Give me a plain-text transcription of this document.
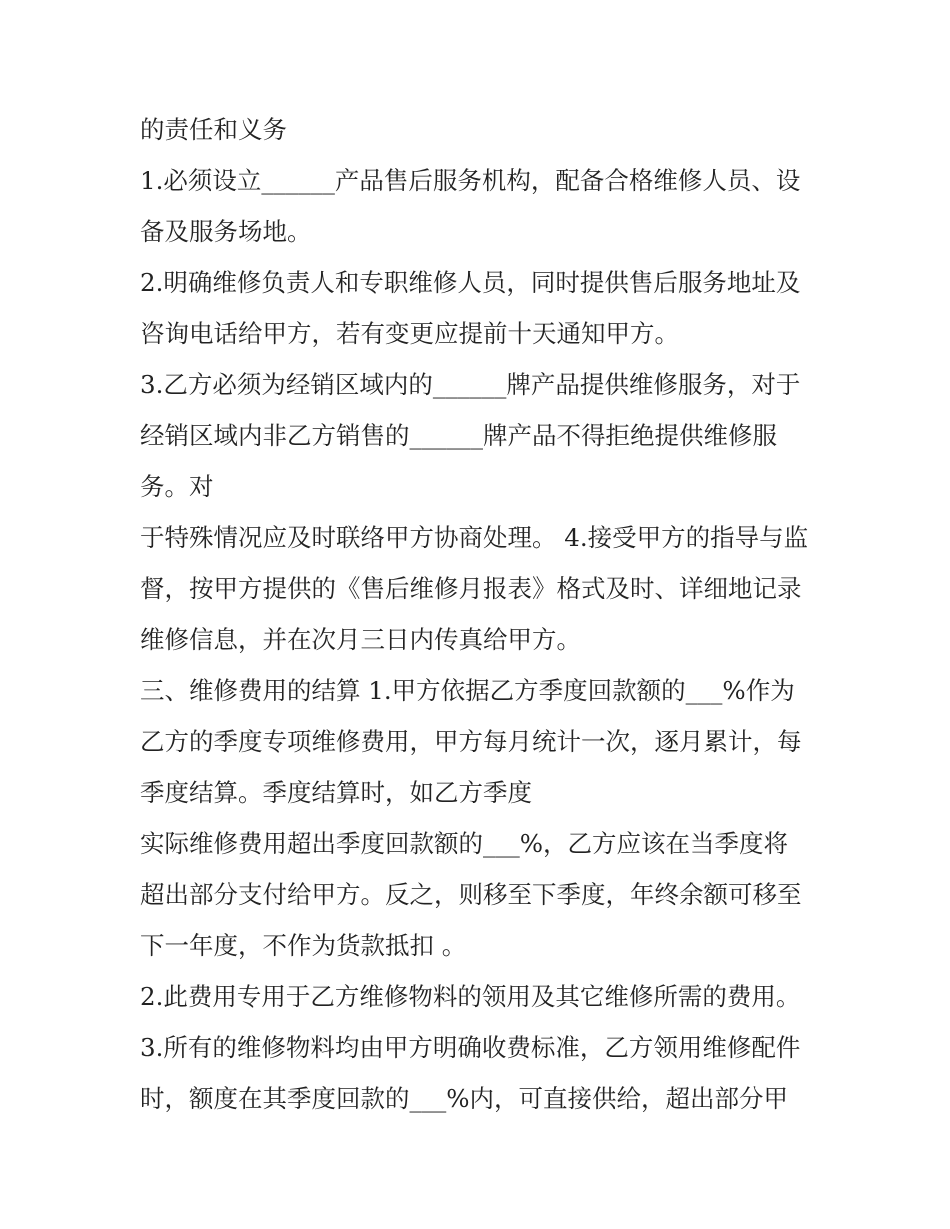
的责任和义务
1.必须设立______产品售后服务机构，配备合格维修人员、设
备及服务场地。
2.明确维修负责人和专职维修人员，同时提供售后服务地址及
咨询电话给甲方，若有变更应提前十天通知甲方。
3.乙方必须为经销区域内的______牌产品提供维修服务，对于
经销区域内非乙方销售的______牌产品不得拒绝提供维修服
务。对
于特殊情况应及时联络甲方协商处理。 4.接受甲方的指导与监
督，按甲方提供的《售后维修月报表》格式及时、详细地记录
维修信息，并在次月三日内传真给甲方。
三、维修费用的结算 1.甲方依据乙方季度回款额的___%作为
乙方的季度专项维修费用，甲方每月统计一次，逐月累计，每
季度结算。季度结算时，如乙方季度
实际维修费用超出季度回款额的___%，乙方应该在当季度将
超出部分支付给甲方。反之，则移至下季度，年终余额可移至
下一年度，不作为货款抵扣 。
2.此费用专用于乙方维修物料的领用及其它维修所需的费用。
3.所有的维修物料均由甲方明确收费标准，乙方领用维修配件
时，额度在其季度回款的___%内，可直接供给，超出部分甲
